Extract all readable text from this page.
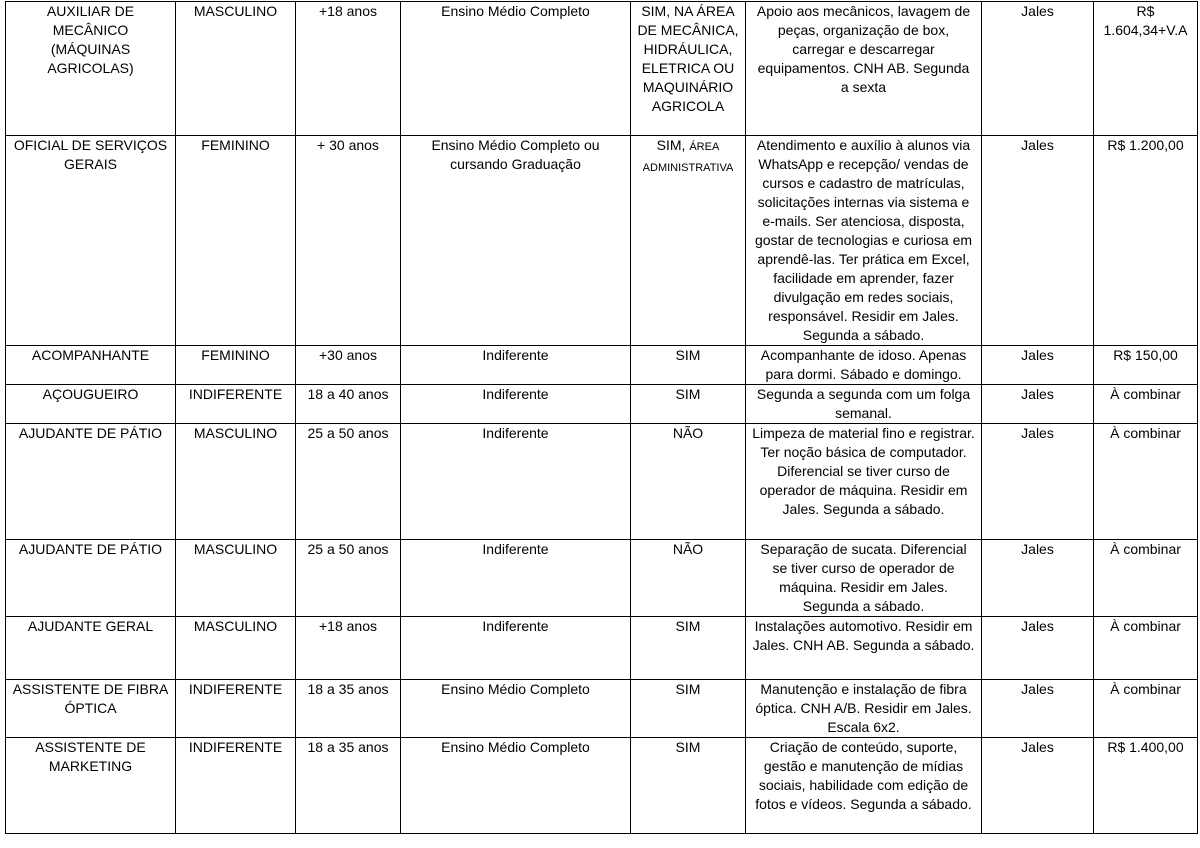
AUXILIAR DE MECÂNICO (MÁQUINAS AGRICOLAS)	MASCULINO	+18 anos	Ensino Médio Completo	SIM, NA ÁREA DE MECÂNICA, HIDRÁULICA, ELETRICA OU MAQUINÁRIO AGRICOLA	Apoio aos mecânicos, lavagem de peças, organização de box, carregar e descarregar equipamentos. CNH AB. Segunda a sexta	Jales	R$ 1.604,34+V.A
OFICIAL DE SERVIÇOS GERAIS	FEMININO	+ 30 anos	Ensino Médio Completo ou cursando Graduação	SIM, ÁREA ADMINISTRATIVA	Atendimento e auxílio à alunos via WhatsApp e recepção/ vendas de cursos e cadastro de matrículas, solicitações internas via sistema e e-mails. Ser atenciosa, disposta, gostar de tecnologias e curiosa em aprendê-las. Ter prática em Excel, facilidade em aprender, fazer divulgação em redes sociais, responsável. Residir em Jales. Segunda a sábado.	Jales	R$ 1.200,00
ACOMPANHANTE	FEMININO	+30 anos	Indiferente	SIM	Acompanhante de idoso. Apenas para dormi. Sábado e domingo.	Jales	R$ 150,00
AÇOUGUEIRO	INDIFERENTE	18 a 40 anos	Indiferente	SIM	Segunda a segunda com um folga semanal.	Jales	À combinar
AJUDANTE DE PÁTIO	MASCULINO	25 a 50 anos	Indiferente	NÃO	Limpeza de material fino e registrar. Ter noção básica de computador. Diferencial se tiver curso de operador de máquina. Residir em Jales. Segunda a sábado.	Jales	À combinar
AJUDANTE DE PÁTIO	MASCULINO	25 a 50 anos	Indiferente	NÃO	Separação de sucata. Diferencial se tiver curso de operador de máquina. Residir em Jales. Segunda a sábado.	Jales	À combinar
AJUDANTE GERAL	MASCULINO	+18 anos	Indiferente	SIM	Instalações automotivo. Residir em Jales. CNH AB. Segunda a sábado.	Jales	À combinar
ASSISTENTE DE FIBRA ÓPTICA	INDIFERENTE	18 a 35 anos	Ensino Médio Completo	SIM	Manutenção e instalação de fibra óptica. CNH A/B. Residir em Jales. Escala 6x2.	Jales	À combinar
ASSISTENTE DE MARKETING	INDIFERENTE	18 a 35 anos	Ensino Médio Completo	SIM	Criação de conteúdo, suporte, gestão e manutenção de mídias sociais, habilidade com edição de fotos e vídeos. Segunda a sábado.	Jales	R$ 1.400,00
